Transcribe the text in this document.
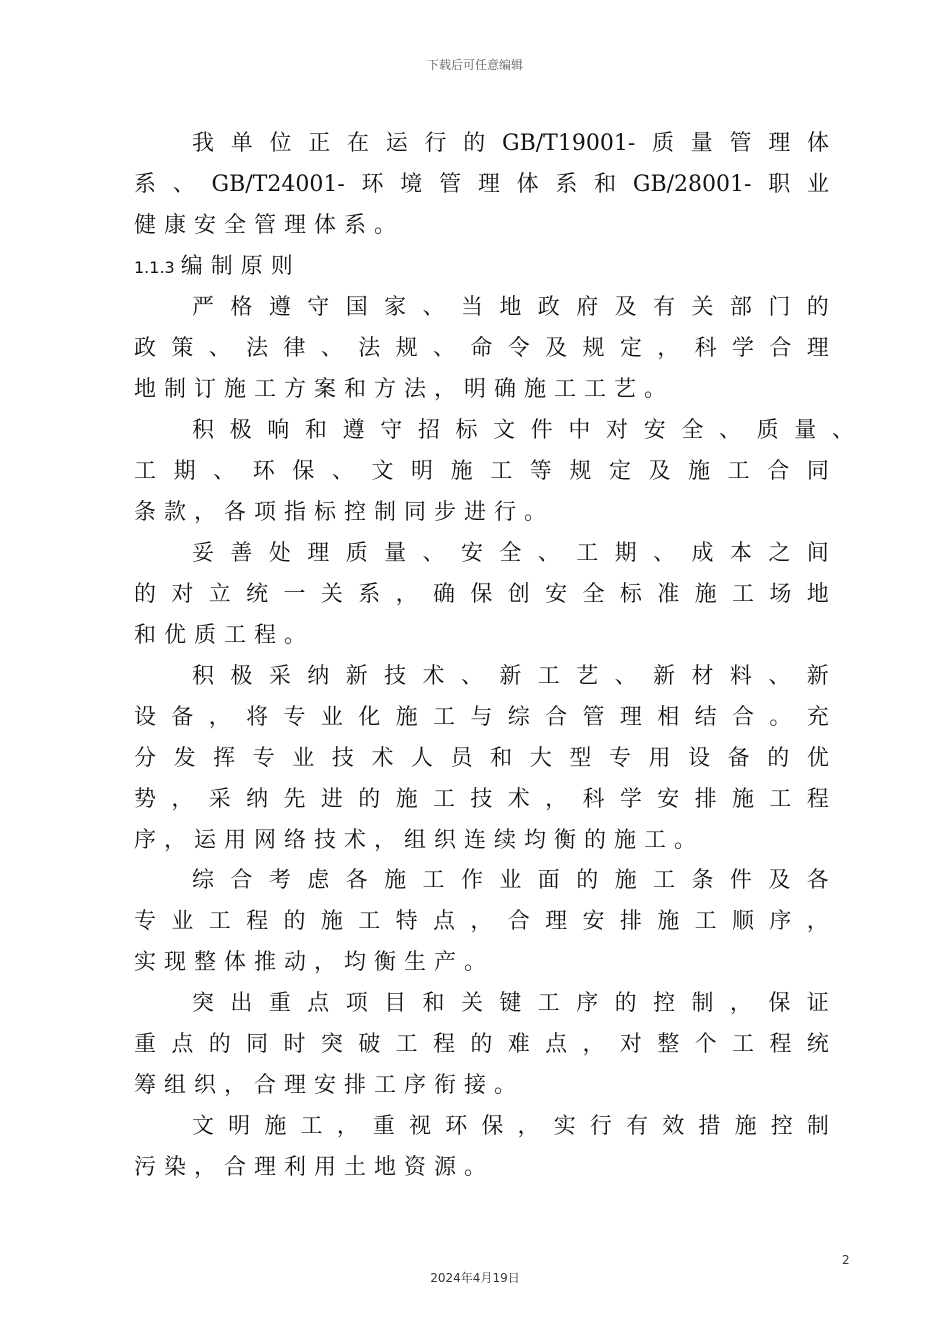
下载后可任意编辑
我 单 位 正 在 运 行 的 GB/T19001- 质 量 管 理 体
系 、 GB/T24001- 环 境 管 理 体 系 和 GB/28001- 职 业
健康安全管理体系。
1.1.3 编制原则
严 格 遵 守 国 家 、 当 地 政 府 及 有 关 部 门 的
政 策 、 法 律 、 法 规 、 命 令 及 规 定 ， 科 学 合 理
地制订施工方案和方法，明确施工工艺。
积 极 响 和 遵 守 招 标 文 件 中 对 安 全 、 质 量 、
工 期 、 环 保 、 文 明 施 工 等 规 定 及 施 工 合 同
条款，各项指标控制同步进行。
妥 善 处 理 质 量 、 安 全 、 工 期 、 成 本 之 间
的 对 立 统 一 关 系 ， 确 保 创 安 全 标 准 施 工 场 地
和优质工程。
积 极 采 纳 新 技 术 、 新 工 艺 、 新 材 料 、 新
设 备 ， 将 专 业 化 施 工 与 综 合 管 理 相 结 合 。 充
分 发 挥 专 业 技 术 人 员 和 大 型 专 用 设 备 的 优
势 ， 采 纳 先 进 的 施 工 技 术 ， 科 学 安 排 施 工 程
序，运用网络技术，组织连续均衡的施工。
综 合 考 虑 各 施 工 作 业 面 的 施 工 条 件 及 各
专 业 工 程 的 施 工 特 点 ， 合 理 安 排 施 工 顺 序 ，
实现整体推动，均衡生产。
突 出 重 点 项 目 和 关 键 工 序 的 控 制 ， 保 证
重 点 的 同 时 突 破 工 程 的 难 点 ， 对 整 个 工 程 统
筹组织，合理安排工序衔接。
文 明 施 工 ， 重 视 环 保 ， 实 行 有 效 措 施 控 制
污染，合理利用土地资源。
2
2024年4月19日
